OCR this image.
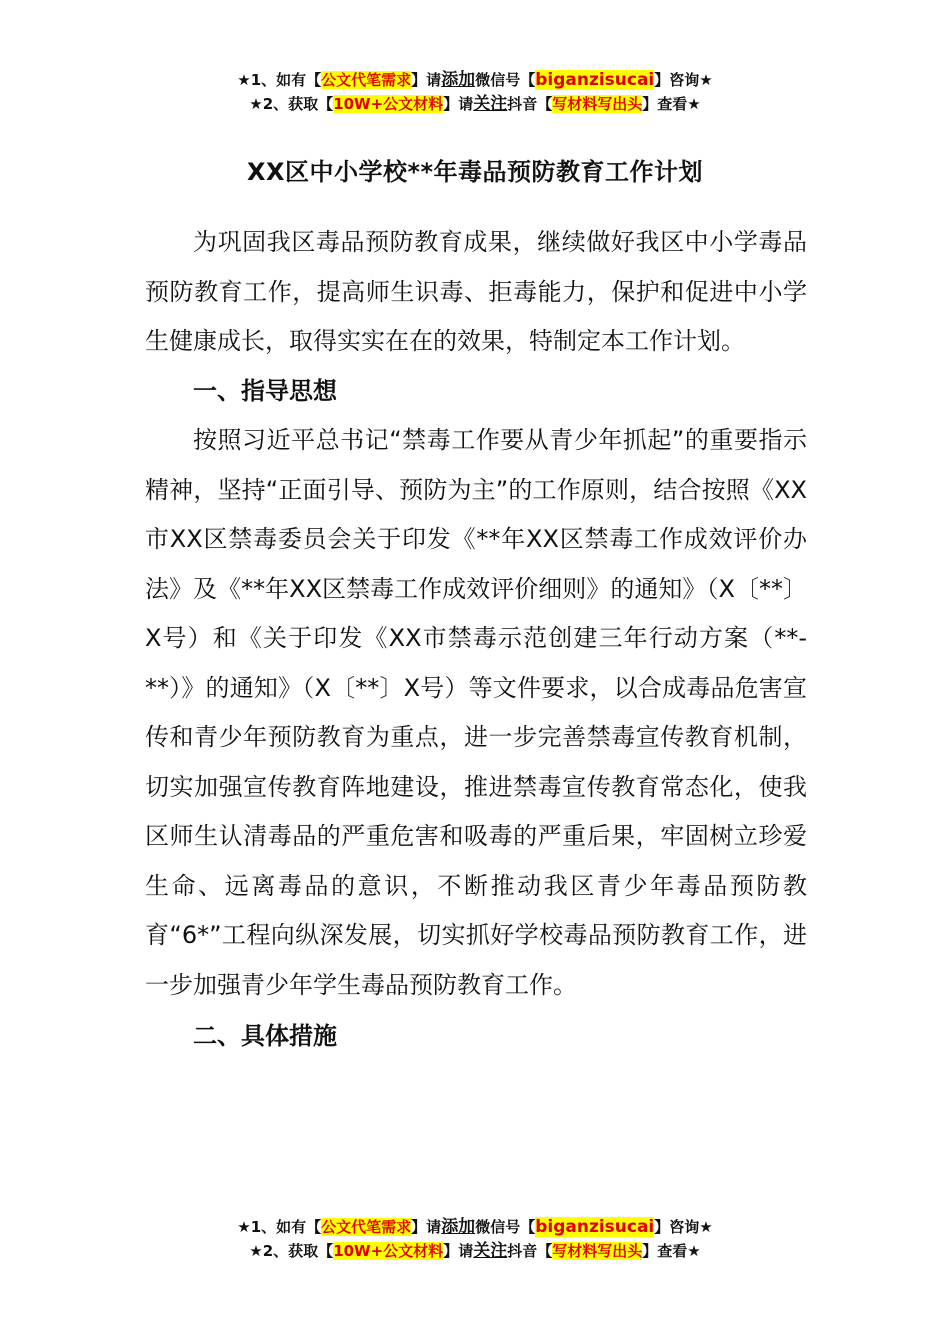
★1、如有【公文代笔需求】请添加微信号【biganzisucai】咨询★
★2、获取【10W+公文材料】请关注抖音【写材料写出头】查看★
XX区中小学校**年毒品预防教育工作计划

为巩固我区毒品预防教育成果，继续做好我区中小学毒品预防教育工作，提高师生识毒、拒毒能力，保护和促进中小学生健康成长，取得实实在在的效果，特制定本工作计划。

一、指导思想

按照习近平总书记“禁毒工作要从青少年抓起”的重要指示精神，坚持“正面引导、预防为主”的工作原则，结合按照《XX市XX区禁毒委员会关于印发《**年XX区禁毒工作成效评价办法》及《**年XX区禁毒工作成效评价细则》的通知》（X〔**〕X号）和《关于印发《XX市禁毒示范创建三年行动方案（**-**）》的通知》（X〔**〕X号）等文件要求，以合成毒品危害宣传和青少年预防教育为重点，进一步完善禁毒宣传教育机制，切实加强宣传教育阵地建设，推进禁毒宣传教育常态化，使我区师生认清毒品的严重危害和吸毒的严重后果，牢固树立珍爱生命、远离毒品的意识，不断推动我区青少年毒品预防教育“6*”工程向纵深发展，切实抓好学校毒品预防教育工作，进一步加强青少年学生毒品预防教育工作。

二、具体措施

★1、如有【公文代笔需求】请添加微信号【biganzisucai】咨询★
★2、获取【10W+公文材料】请关注抖音【写材料写出头】查看★
